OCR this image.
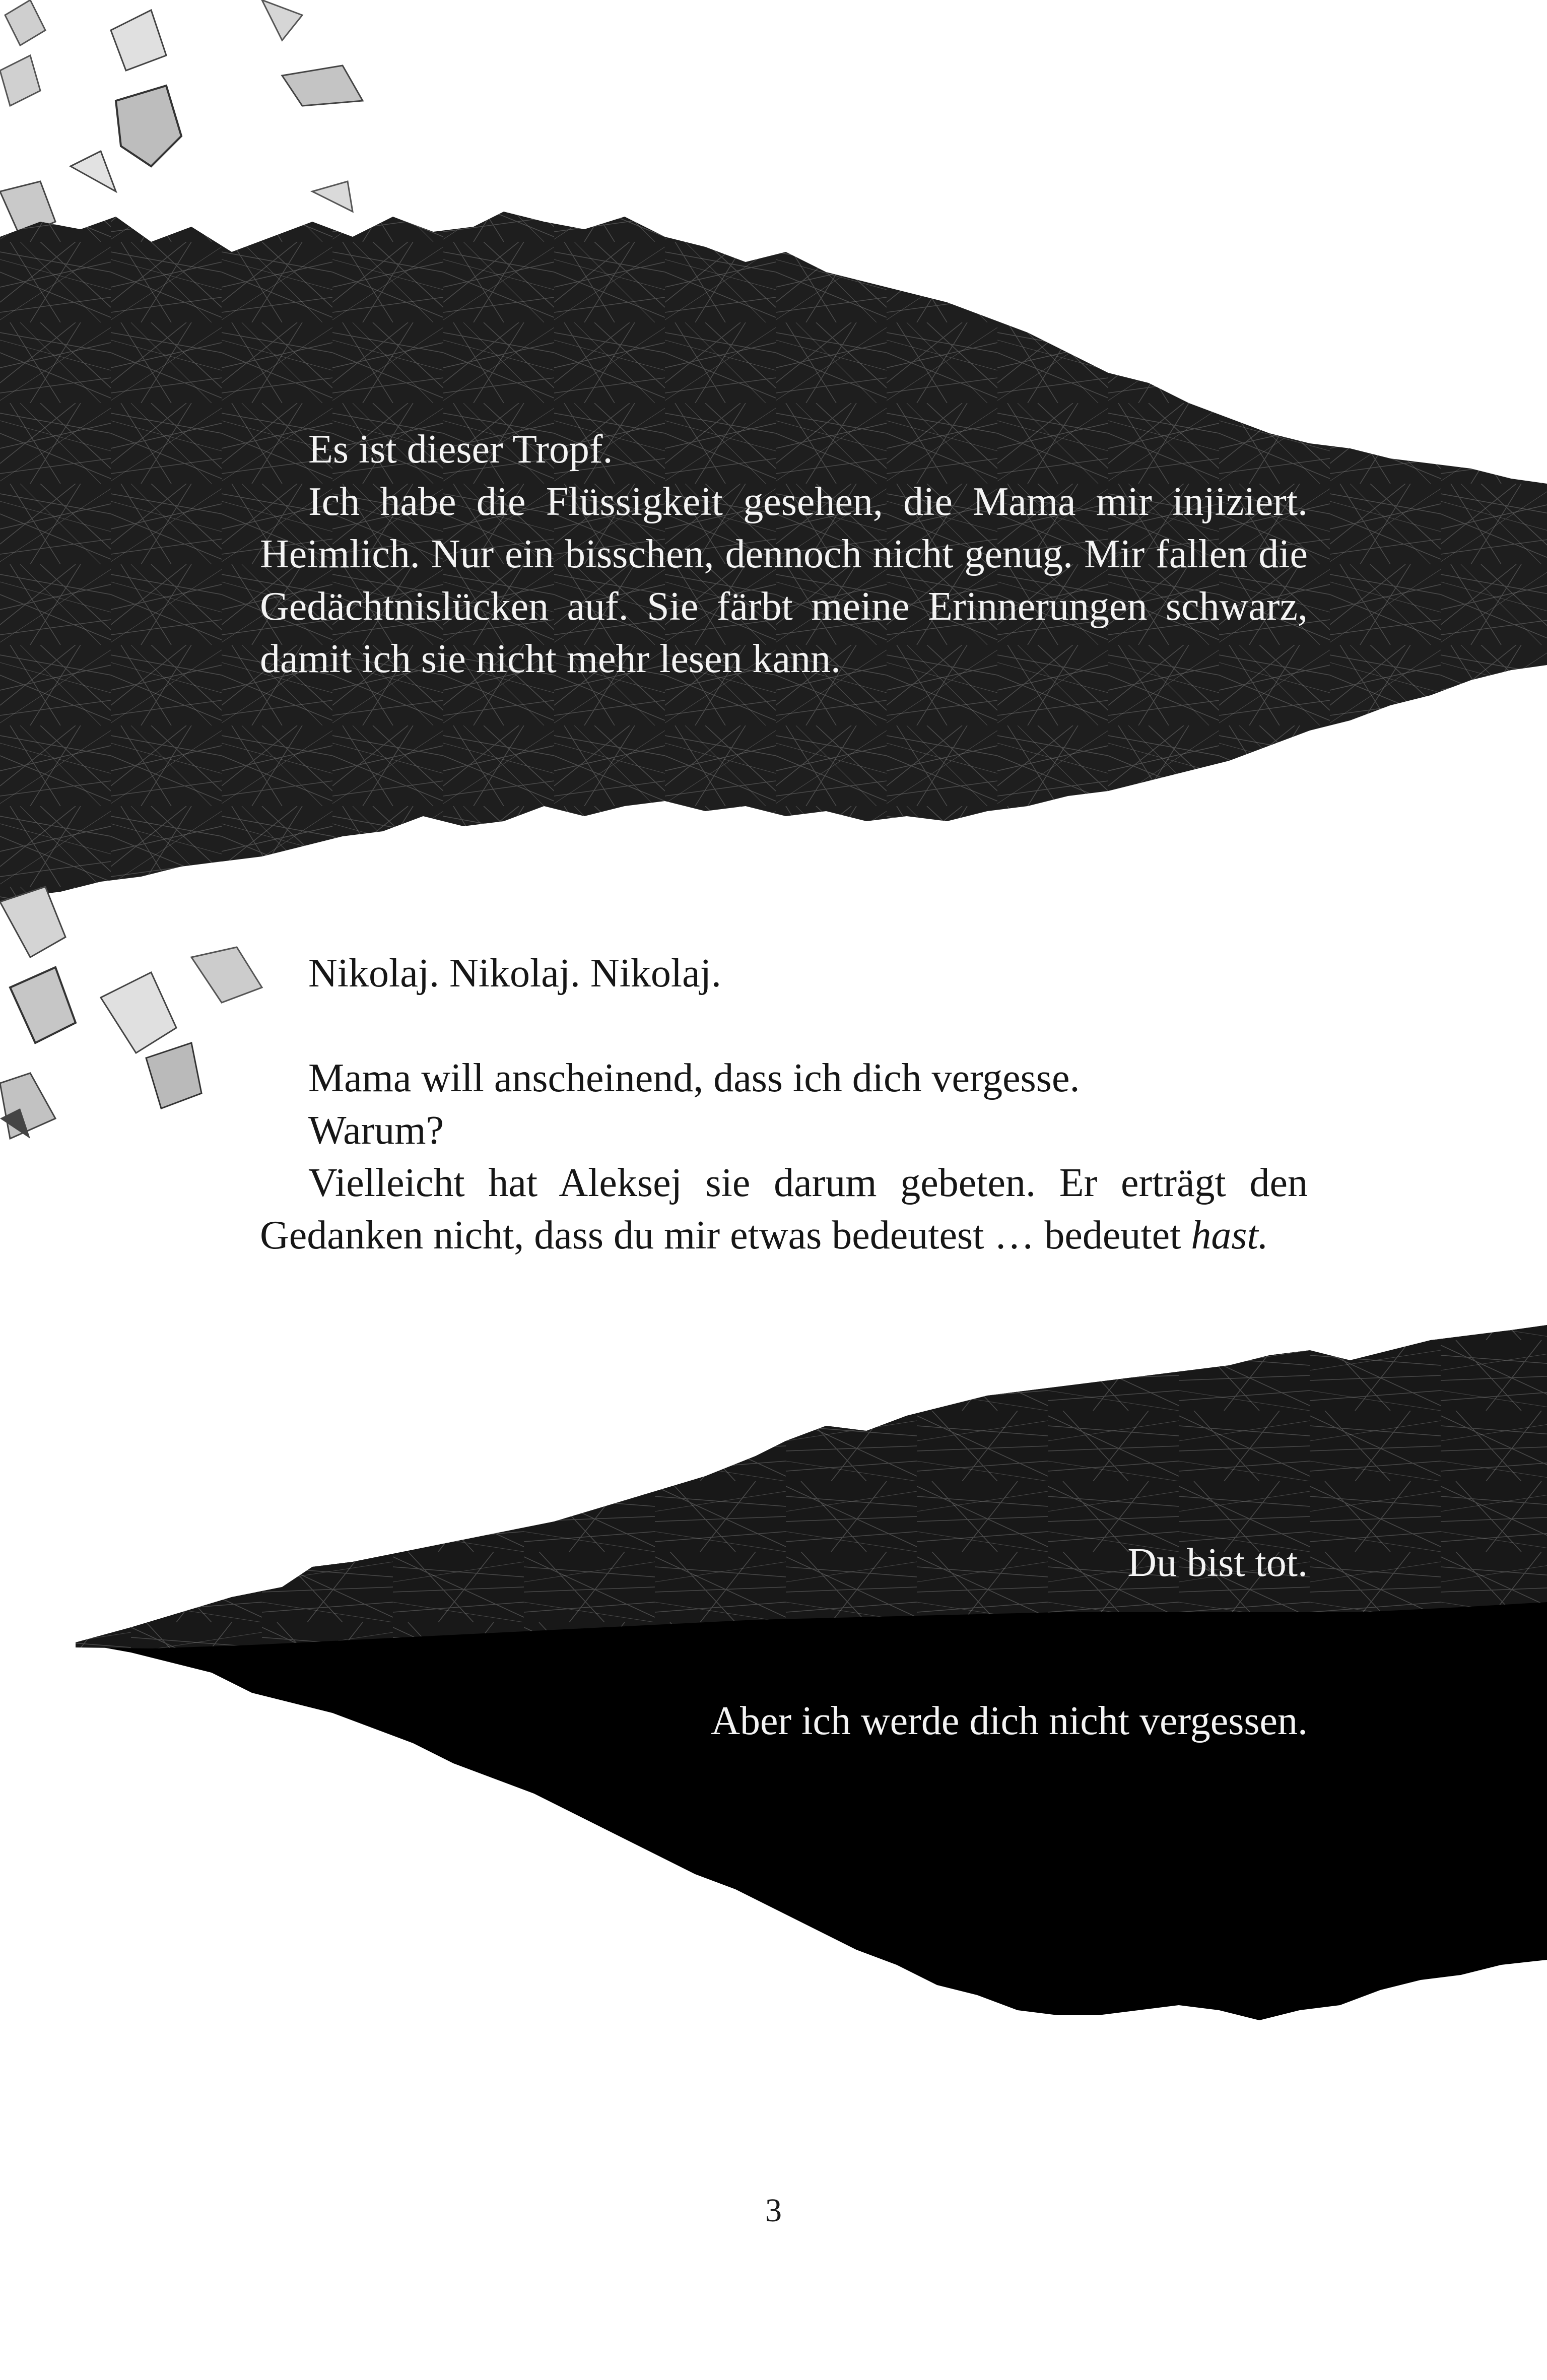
Es ist dieser Tropf.

Ich habe die Flüssigkeit gesehen, die Mama mir injiziert. Heimlich. Nur ein bisschen, dennoch nicht genug. Mir fallen die Gedächtnislücken auf. Sie färbt meine Erinnerungen schwarz, damit ich sie nicht mehr lesen kann.

Nikolaj. Nikolaj. Nikolaj.

Mama will anscheinend, dass ich dich vergesse.

Warum?

Vielleicht hat Aleksej sie darum gebeten. Er erträgt den Gedanken nicht, dass du mir etwas bedeutest … bedeutet hast.

Du bist tot.

Aber ich werde dich nicht vergessen.

3
